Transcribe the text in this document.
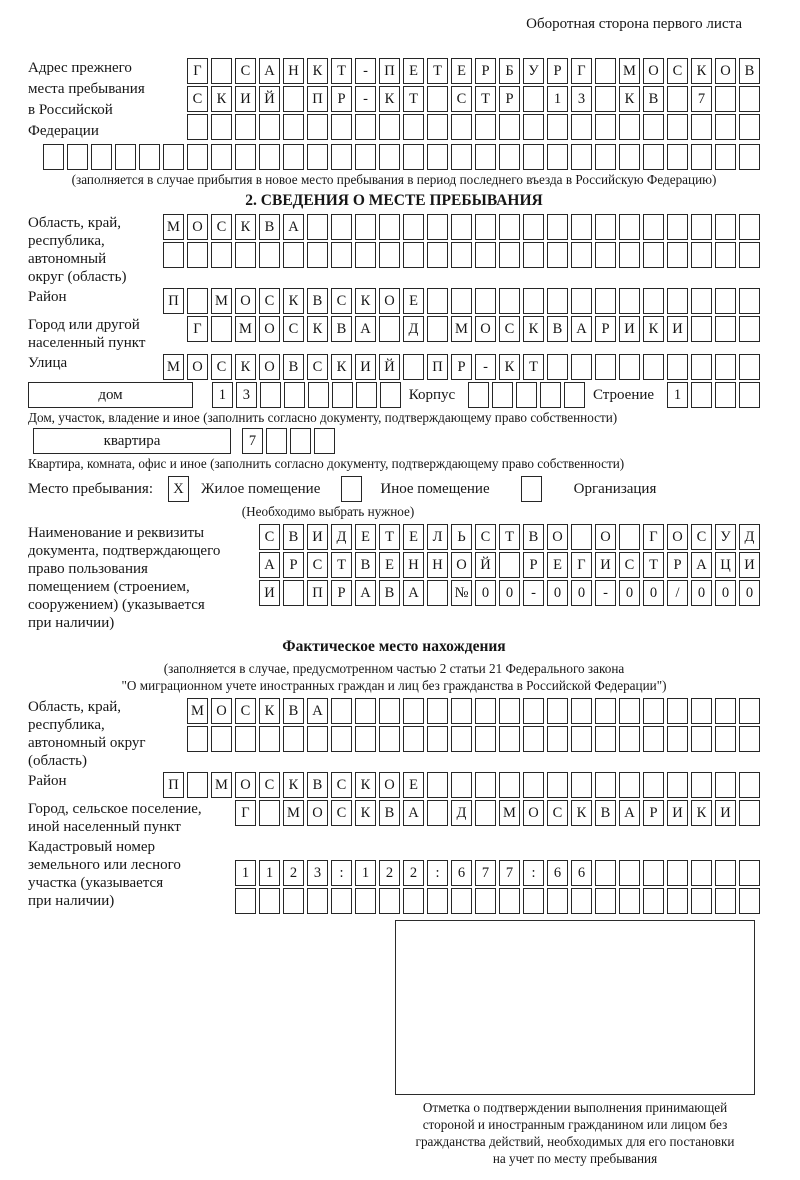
Оборотная сторона первого листа
Адрес прежнего
места пребывания
в Российской
Федерации
Г	С А Н К	Т	-	П Е	Т	Е	Р	Б	У	Р	Г	М О С К О В
С К И Й	П	Р	-	К	Т	С	Т	Р	1	3	К В	7
(заполняется в случае прибытия в новое место пребывания в период последнего въезда в Российскую Федерацию)
2. СВЕДЕНИЯ О МЕСТЕ ПРЕБЫВАНИЯ
Область, край,
республика,
автономный
округ (область)
М О С К В А
Район	П	М О С К В С К О Е
Город или другой
населенный пункт
Г	М О С К В А	Д	М О С К В А	Р	И К И
Улица	М О С К О В С К И Й	П	Р	-	К	Т
дом	1	3	Корпус	Строение	1
Дом, участок, владение и иное (заполнить согласно документу, подтверждающему право собственности)
квартира	7
Квартира, комната, офис и иное (заполнить согласно документу, подтверждающему право собственности)
Место пребывания:	X	Жилое помещение	Иное помещение	Организация
(Необходимо выбрать нужное)
Наименование и реквизиты
документа, подтверждающего
право пользования
помещением (строением,
сооружением) (указывается
при наличии)
С В И Д	Е	Т	Е	Л	Ь	С	Т	В О	О	Г	О С У Д
А	Р	С	Т	В	Е Н Н О Й	Р	Е	Г	И С	Т	Р	А Ц И
И	П	Р	А В А	№ 0	0	-	0	0	-	0	0	/	0	0	0
Фактическое место нахождения
(заполняется в случае, предусмотренном частью 2 статьи 21 Федерального закона
"О миграционном учете иностранных граждан и лиц без гражданства в Российской Федерации")
Область, край,
республика,
автономный округ
(область)
М О С К В А
Район	П	М О С К В С К О Е
Город, сельское поселение,
иной населенный пункт
Г	М О С К В А	Д	М О С К В А	Р	И К И
Кадастровый номер
земельного или лесного
участка (указывается
при наличии)
1	1	2	3	:	1	2	2	:	6	7	7	:	6	6
Отметка о подтверждении выполнения принимающей
стороной и иностранным гражданином или лицом без
гражданства действий, необходимых для его постановки
на учет по месту пребывания
